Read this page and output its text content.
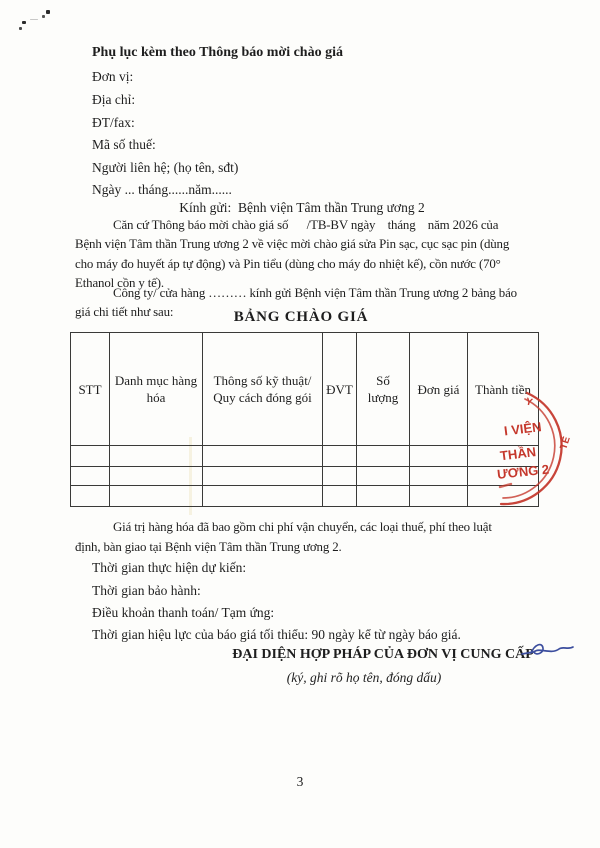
Phụ lục kèm theo Thông báo mời chào giá
Đơn vị:
Địa chỉ:
ĐT/fax:
Mã số thuế:
Người liên hệ; (họ tên, sđt)
Ngày ... tháng......năm......
Kính gửi:  Bệnh viện Tâm thần Trung ương 2
Căn cứ Thông báo mời chào giá số      /TB-BV ngày    tháng    năm 2026 của
Bệnh viện Tâm thần Trung ương 2 về việc mời chào giá sửa Pin sạc, cục sạc pin (dùng
cho máy đo huyết áp tự động) và Pin tiểu (dùng cho máy đo nhiệt kế), cồn nước (70°
Ethanol cồn y tế).
Công ty/ cửa hàng ……… kính gửi Bệnh viện Tâm thần Trung ương 2 bảng báo
giá chi tiết như sau:	BẢNG CHÀO GIÁ
STT	Danh mục hàng hóa	Thông số kỹ thuật/ Quy cách đóng gói	ĐVT	Số lượng	Đơn giá	Thành tiền

Y
TẾ
I VIỆN
THẦN
ƯƠNG 2
Giá trị hàng hóa đã bao gồm chi phí vận chuyển, các loại thuế, phí theo luật
định, bàn giao tại Bệnh viện Tâm thần Trung ương 2.
Thời gian thực hiện dự kiến:
Thời gian bảo hành:
Điều khoản thanh toán/ Tạm ứng:
Thời gian hiệu lực của báo giá tối thiểu: 90 ngày kể từ ngày báo giá.
ĐẠI DIỆN HỢP PHÁP CỦA ĐƠN VỊ CUNG CẤP
(ký, ghi rõ họ tên, đóng dấu)
3
